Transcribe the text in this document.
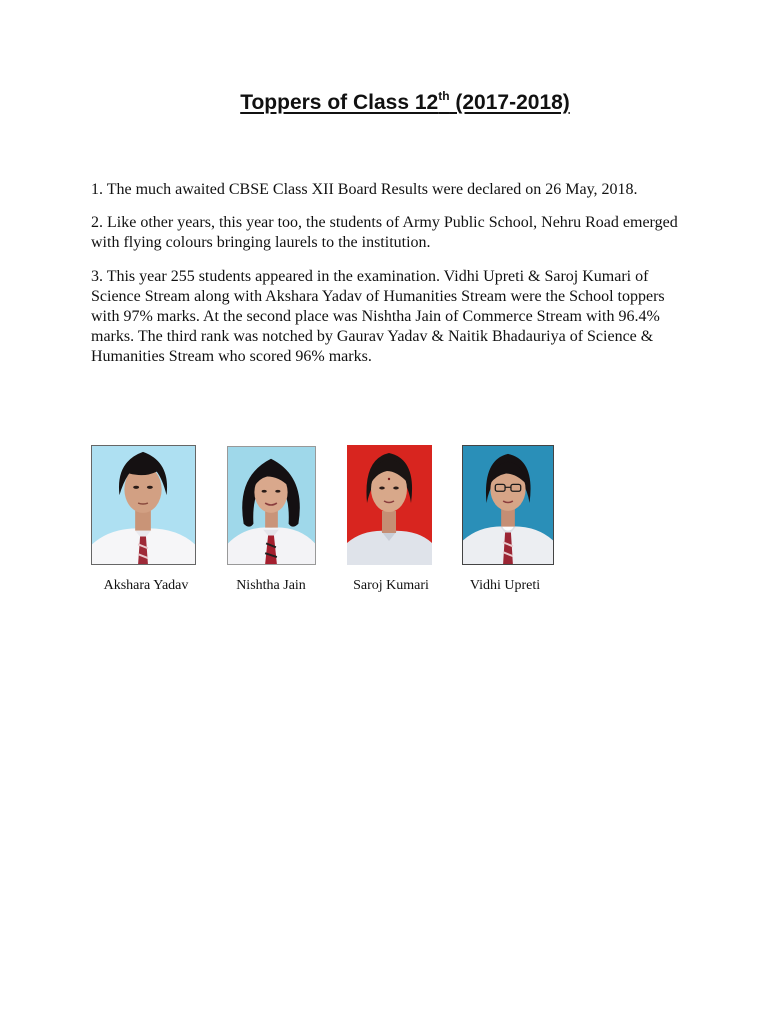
Toppers of Class 12th (2017-2018)

1. The much awaited CBSE Class XII Board Results were declared on 26 May, 2018.

2. Like other years, this year too, the students of Army Public School, Nehru Road emerged with flying colours bringing laurels to the institution.

3. This year 255 students appeared in the examination. Vidhi Upreti & Saroj Kumari of Science Stream along with Akshara Yadav of Humanities Stream were the School toppers with 97% marks. At the second place was Nishtha Jain of Commerce Stream with 96.4% marks. The third rank was notched by Gaurav Yadav & Naitik Bhadauriya of Science & Humanities Stream who scored 96% marks.

Akshara Yadav	Nishtha Jain	Saroj Kumari	Vidhi Upreti
